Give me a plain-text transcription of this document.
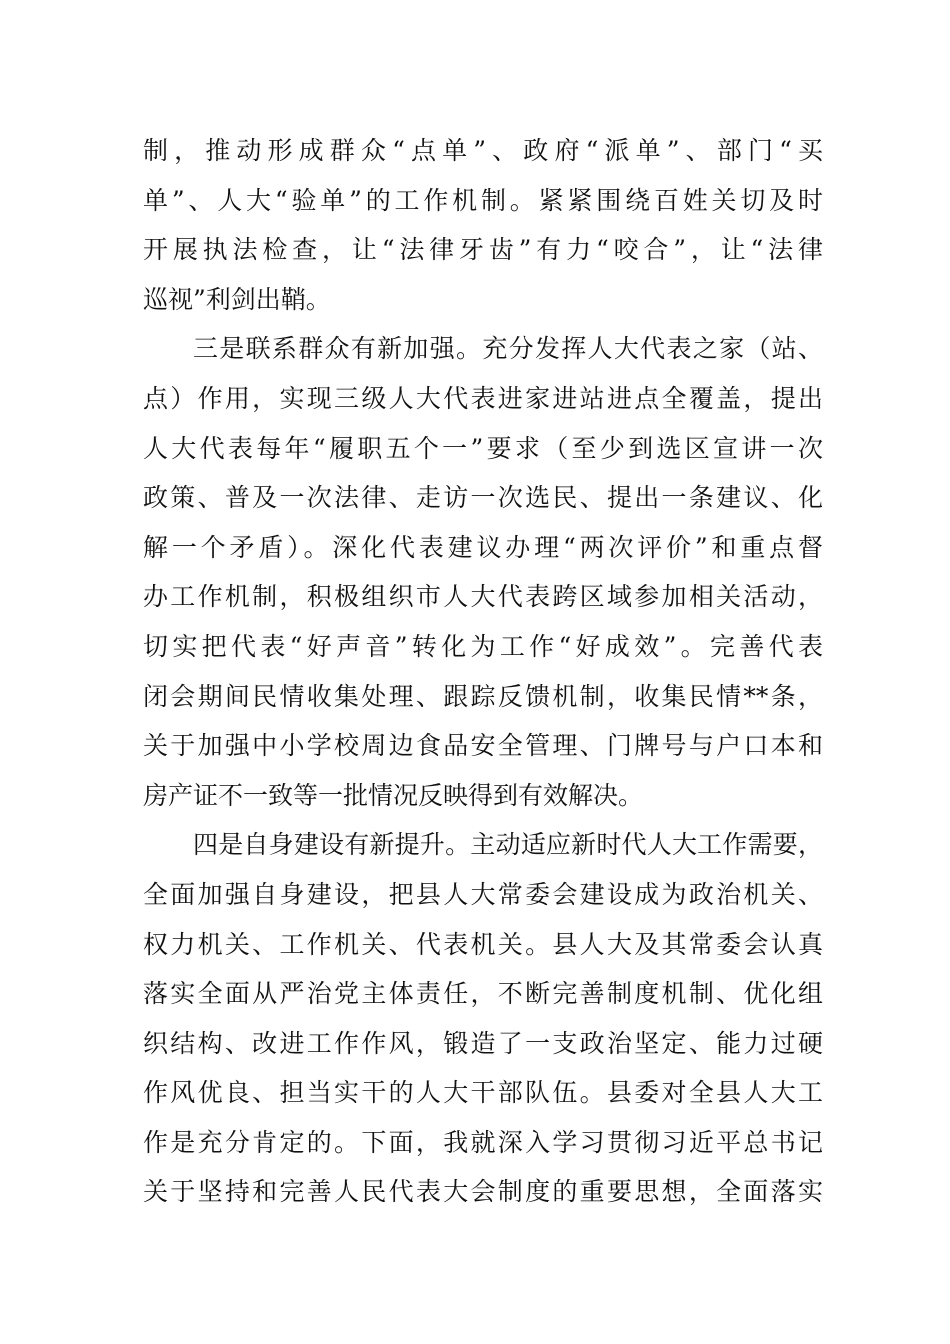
制，推动形成群众“点单”、政府“派单”、部门“买
单”、人大“验单”的工作机制。紧紧围绕百姓关切及时
开展执法检查，让“法律牙齿”有力“咬合”，让“法律
巡视”利剑出鞘。
三是联系群众有新加强。充分发挥人大代表之家（站、
点）作用，实现三级人大代表进家进站进点全覆盖，提出
人大代表每年“履职五个一”要求（至少到选区宣讲一次
政策、普及一次法律、走访一次选民、提出一条建议、化
解一个矛盾）。深化代表建议办理“两次评价”和重点督
办工作机制，积极组织市人大代表跨区域参加相关活动，
切实把代表“好声音”转化为工作“好成效”。完善代表
闭会期间民情收集处理、跟踪反馈机制，收集民情**条，
关于加强中小学校周边食品安全管理、门牌号与户口本和
房产证不一致等一批情况反映得到有效解决。
四是自身建设有新提升。主动适应新时代人大工作需要，
全面加强自身建设，把县人大常委会建设成为政治机关、
权力机关、工作机关、代表机关。县人大及其常委会认真
落实全面从严治党主体责任，不断完善制度机制、优化组
织结构、改进工作作风，锻造了一支政治坚定、能力过硬
作风优良、担当实干的人大干部队伍。县委对全县人大工
作是充分肯定的。下面，我就深入学习贯彻习近平总书记
关于坚持和完善人民代表大会制度的重要思想，全面落实
